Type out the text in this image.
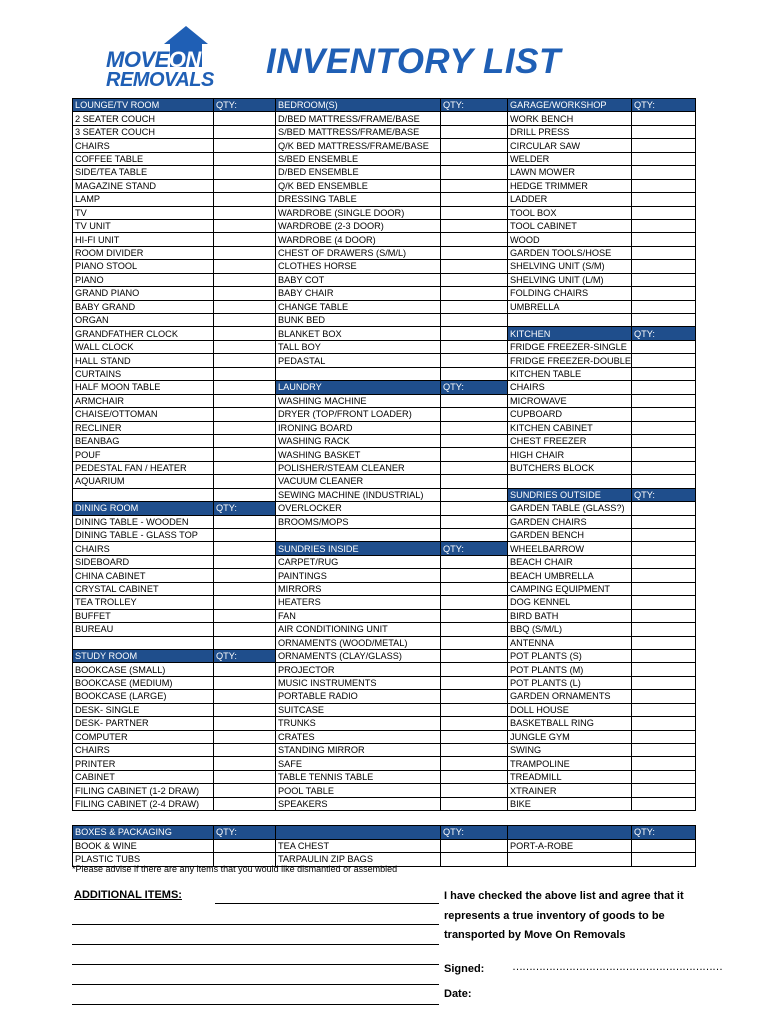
MOVEON
REMOVALS INVENTORY LIST
LOUNGE/TV ROOM	QTY:	BEDROOM(S)	QTY:	GARAGE/WORKSHOP	QTY:
2 SEATER COUCH		D/BED MATTRESS/FRAME/BASE		WORK BENCH	
3 SEATER COUCH		S/BED MATTRESS/FRAME/BASE		DRILL PRESS	
CHAIRS		Q/K BED MATTRESS/FRAME/BASE		CIRCULAR SAW	
COFFEE TABLE		S/BED ENSEMBLE		WELDER	
SIDE/TEA TABLE		D/BED ENSEMBLE		LAWN MOWER	
MAGAZINE STAND		Q/K BED ENSEMBLE		HEDGE TRIMMER	
LAMP		DRESSING TABLE		LADDER	
TV		WARDROBE (SINGLE DOOR)		TOOL BOX	
TV UNIT		WARDROBE (2-3 DOOR)		TOOL CABINET	
HI-FI UNIT		WARDROBE (4 DOOR)		WOOD	
ROOM DIVIDER		CHEST OF DRAWERS (S/M/L)		GARDEN TOOLS/HOSE	
PIANO STOOL		CLOTHES HORSE		SHELVING UNIT (S/M)	
PIANO		BABY COT		SHELVING UNIT (L/M)	
GRAND PIANO		BABY CHAIR		FOLDING CHAIRS	
BABY GRAND		CHANGE TABLE		UMBRELLA	
ORGAN		BUNK BED			
GRANDFATHER CLOCK		BLANKET BOX		KITCHEN	QTY:
WALL CLOCK		TALL BOY		FRIDGE FREEZER-SINGLE	
HALL STAND		PEDASTAL		FRIDGE FREEZER-DOUBLE	
CURTAINS				KITCHEN TABLE	
HALF MOON TABLE		LAUNDRY	QTY:	CHAIRS	
ARMCHAIR		WASHING MACHINE		MICROWAVE	
CHAISE/OTTOMAN		DRYER (TOP/FRONT LOADER)		CUPBOARD	
RECLINER		IRONING BOARD		KITCHEN CABINET	
BEANBAG		WASHING RACK		CHEST FREEZER	
POUF		WASHING BASKET		HIGH CHAIR	
PEDESTAL FAN / HEATER		POLISHER/STEAM CLEANER		BUTCHERS BLOCK	
AQUARIUM		VACUUM CLEANER			
		SEWING MACHINE (INDUSTRIAL)		SUNDRIES OUTSIDE	QTY:
DINING ROOM	QTY:	OVERLOCKER		GARDEN TABLE (GLASS?)	
DINING TABLE - WOODEN		BROOMS/MOPS		GARDEN CHAIRS	
DINING TABLE - GLASS TOP				GARDEN BENCH	
CHAIRS		SUNDRIES INSIDE	QTY:	WHEELBARROW	
SIDEBOARD		CARPET/RUG		BEACH CHAIR	
CHINA CABINET		PAINTINGS		BEACH UMBRELLA	
CRYSTAL CABINET		MIRRORS		CAMPING EQUIPMENT	
TEA TROLLEY		HEATERS		DOG KENNEL	
BUFFET		FAN		BIRD BATH	
BUREAU		AIR CONDITIONING UNIT		BBQ (S/M/L)	
		ORNAMENTS (WOOD/METAL)		ANTENNA	
STUDY ROOM	QTY:	ORNAMENTS (CLAY/GLASS)		POT PLANTS (S)	
BOOKCASE (SMALL)		PROJECTOR		POT PLANTS (M)	
BOOKCASE (MEDIUM)		MUSIC INSTRUMENTS		POT PLANTS (L)	
BOOKCASE (LARGE)		PORTABLE RADIO		GARDEN ORNAMENTS	
DESK- SINGLE		SUITCASE		DOLL HOUSE	
DESK- PARTNER		TRUNKS		BASKETBALL RING	
COMPUTER		CRATES		JUNGLE GYM	
CHAIRS		STANDING MIRROR		SWING	
PRINTER		SAFE		TRAMPOLINE	
CABINET		TABLE TENNIS TABLE		TREADMILL	
FILING CABINET (1-2 DRAW)		POOL TABLE		XTRAINER	
FILING CABINET (2-4 DRAW)		SPEAKERS		BIKE	

BOXES & PACKAGING	QTY:		QTY:		QTY:
BOOK & WINE		TEA CHEST		PORT-A-ROBE	
PLASTIC TUBS		TARPAULIN ZIP BAGS			
*Please advise if there are any items that you would like dismantled or assembled
ADDITIONAL ITEMS:	I have checked the above list and agree that it represents a true inventory of goods to be transported by Move On Removals
Signed:	………………………………………………………
Date:
